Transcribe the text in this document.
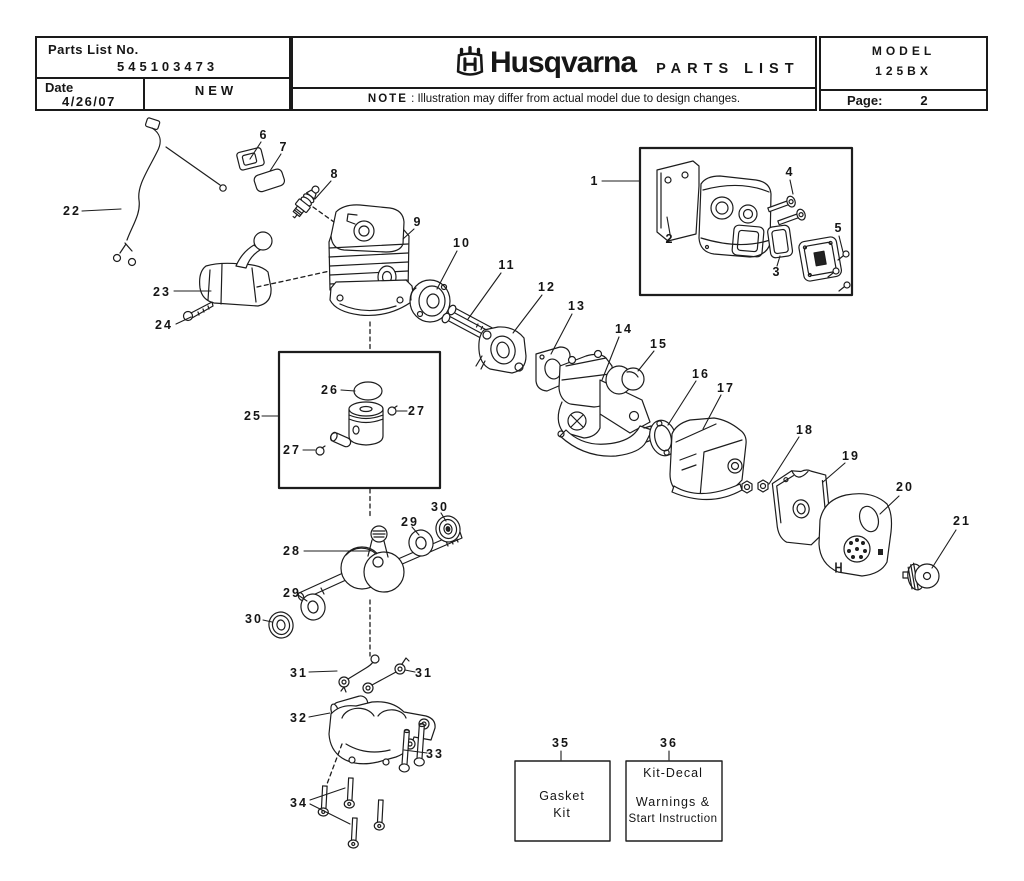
Parts List No.
545103473
Date
4/26/07
NEW
Husqvarna PARTS LIST
NOTE : Illustration may differ from actual model due to design changes.
MODEL
125BX
Page:	2
1
2
3
4
5
6
7
8
9
10
11
12
13
14
15
16
17
18
19
20
21
22
23
24
25
26
27
27
28
29
30
29
30
31	31
32
33
34
35	36
Gasket
Kit
Kit-Decal
Warnings &
Start Instruction
